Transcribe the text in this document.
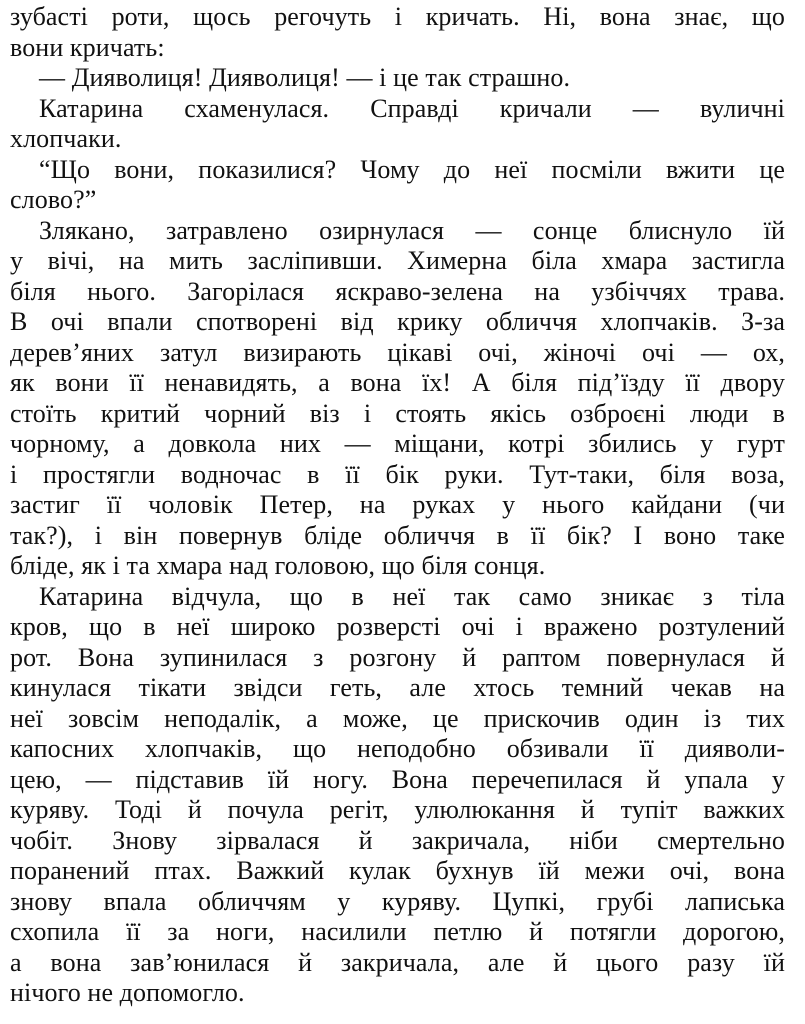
зубасті роти, щось регочуть і кричать. Ні, вона знає, що
вони кричать:
— Дияволиця! Дияволиця! — і це так страшно.
Катарина схаменулася. Справді кричали — вуличні
хлопчаки.
“Що вони, показилися? Чому до неї посміли вжити це
слово?”
Злякано, затравлено озирнулася — сонце блиснуло їй
у вічі, на мить засліпивши. Химерна біла хмара застигла
біля нього. Загорілася яскраво-зелена на узбіччях трава.
В очі впали спотворені від крику обличчя хлопчаків. З-за
дерев’яних затул визирають цікаві очі, жіночі очі — ох,
як вони її ненавидять, а вона їх! А біля під’їзду її двору
стоїть критий чорний віз і стоять якісь озброєні люди в
чорному, а довкола них — міщани, котрі збились у гурт
і простягли водночас в її бік руки. Тут-таки, біля воза,
застиг її чоловік Петер, на руках у нього кайдани (чи
так?), і він повернув бліде обличчя в її бік? І воно таке
бліде, як і та хмара над головою, що біля сонця.
Катарина відчула, що в неї так само зникає з тіла
кров, що в неї широко розверсті очі і вражено розтулений
рот. Вона зупинилася з розгону й раптом повернулася й
кинулася тікати звідси геть, але хтось темний чекав на
неї зовсім неподалік, а може, це прискочив один із тих
капосних хлопчаків, що неподобно обзивали її дияволи-
цею, — підставив їй ногу. Вона перечепилася й упала у
куряву. Тоді й почула регіт, улюлюкання й тупіт важких
чобіт. Знову зірвалася й закричала, ніби смертельно
поранений птах. Важкий кулак бухнув їй межи очі, вона
знову впала обличчям у куряву. Цупкі, грубі лаписька
схопила її за ноги, насилили петлю й потягли дорогою,
а вона зав’юнилася й закричала, але й цього разу їй
нічого не допомогло.
